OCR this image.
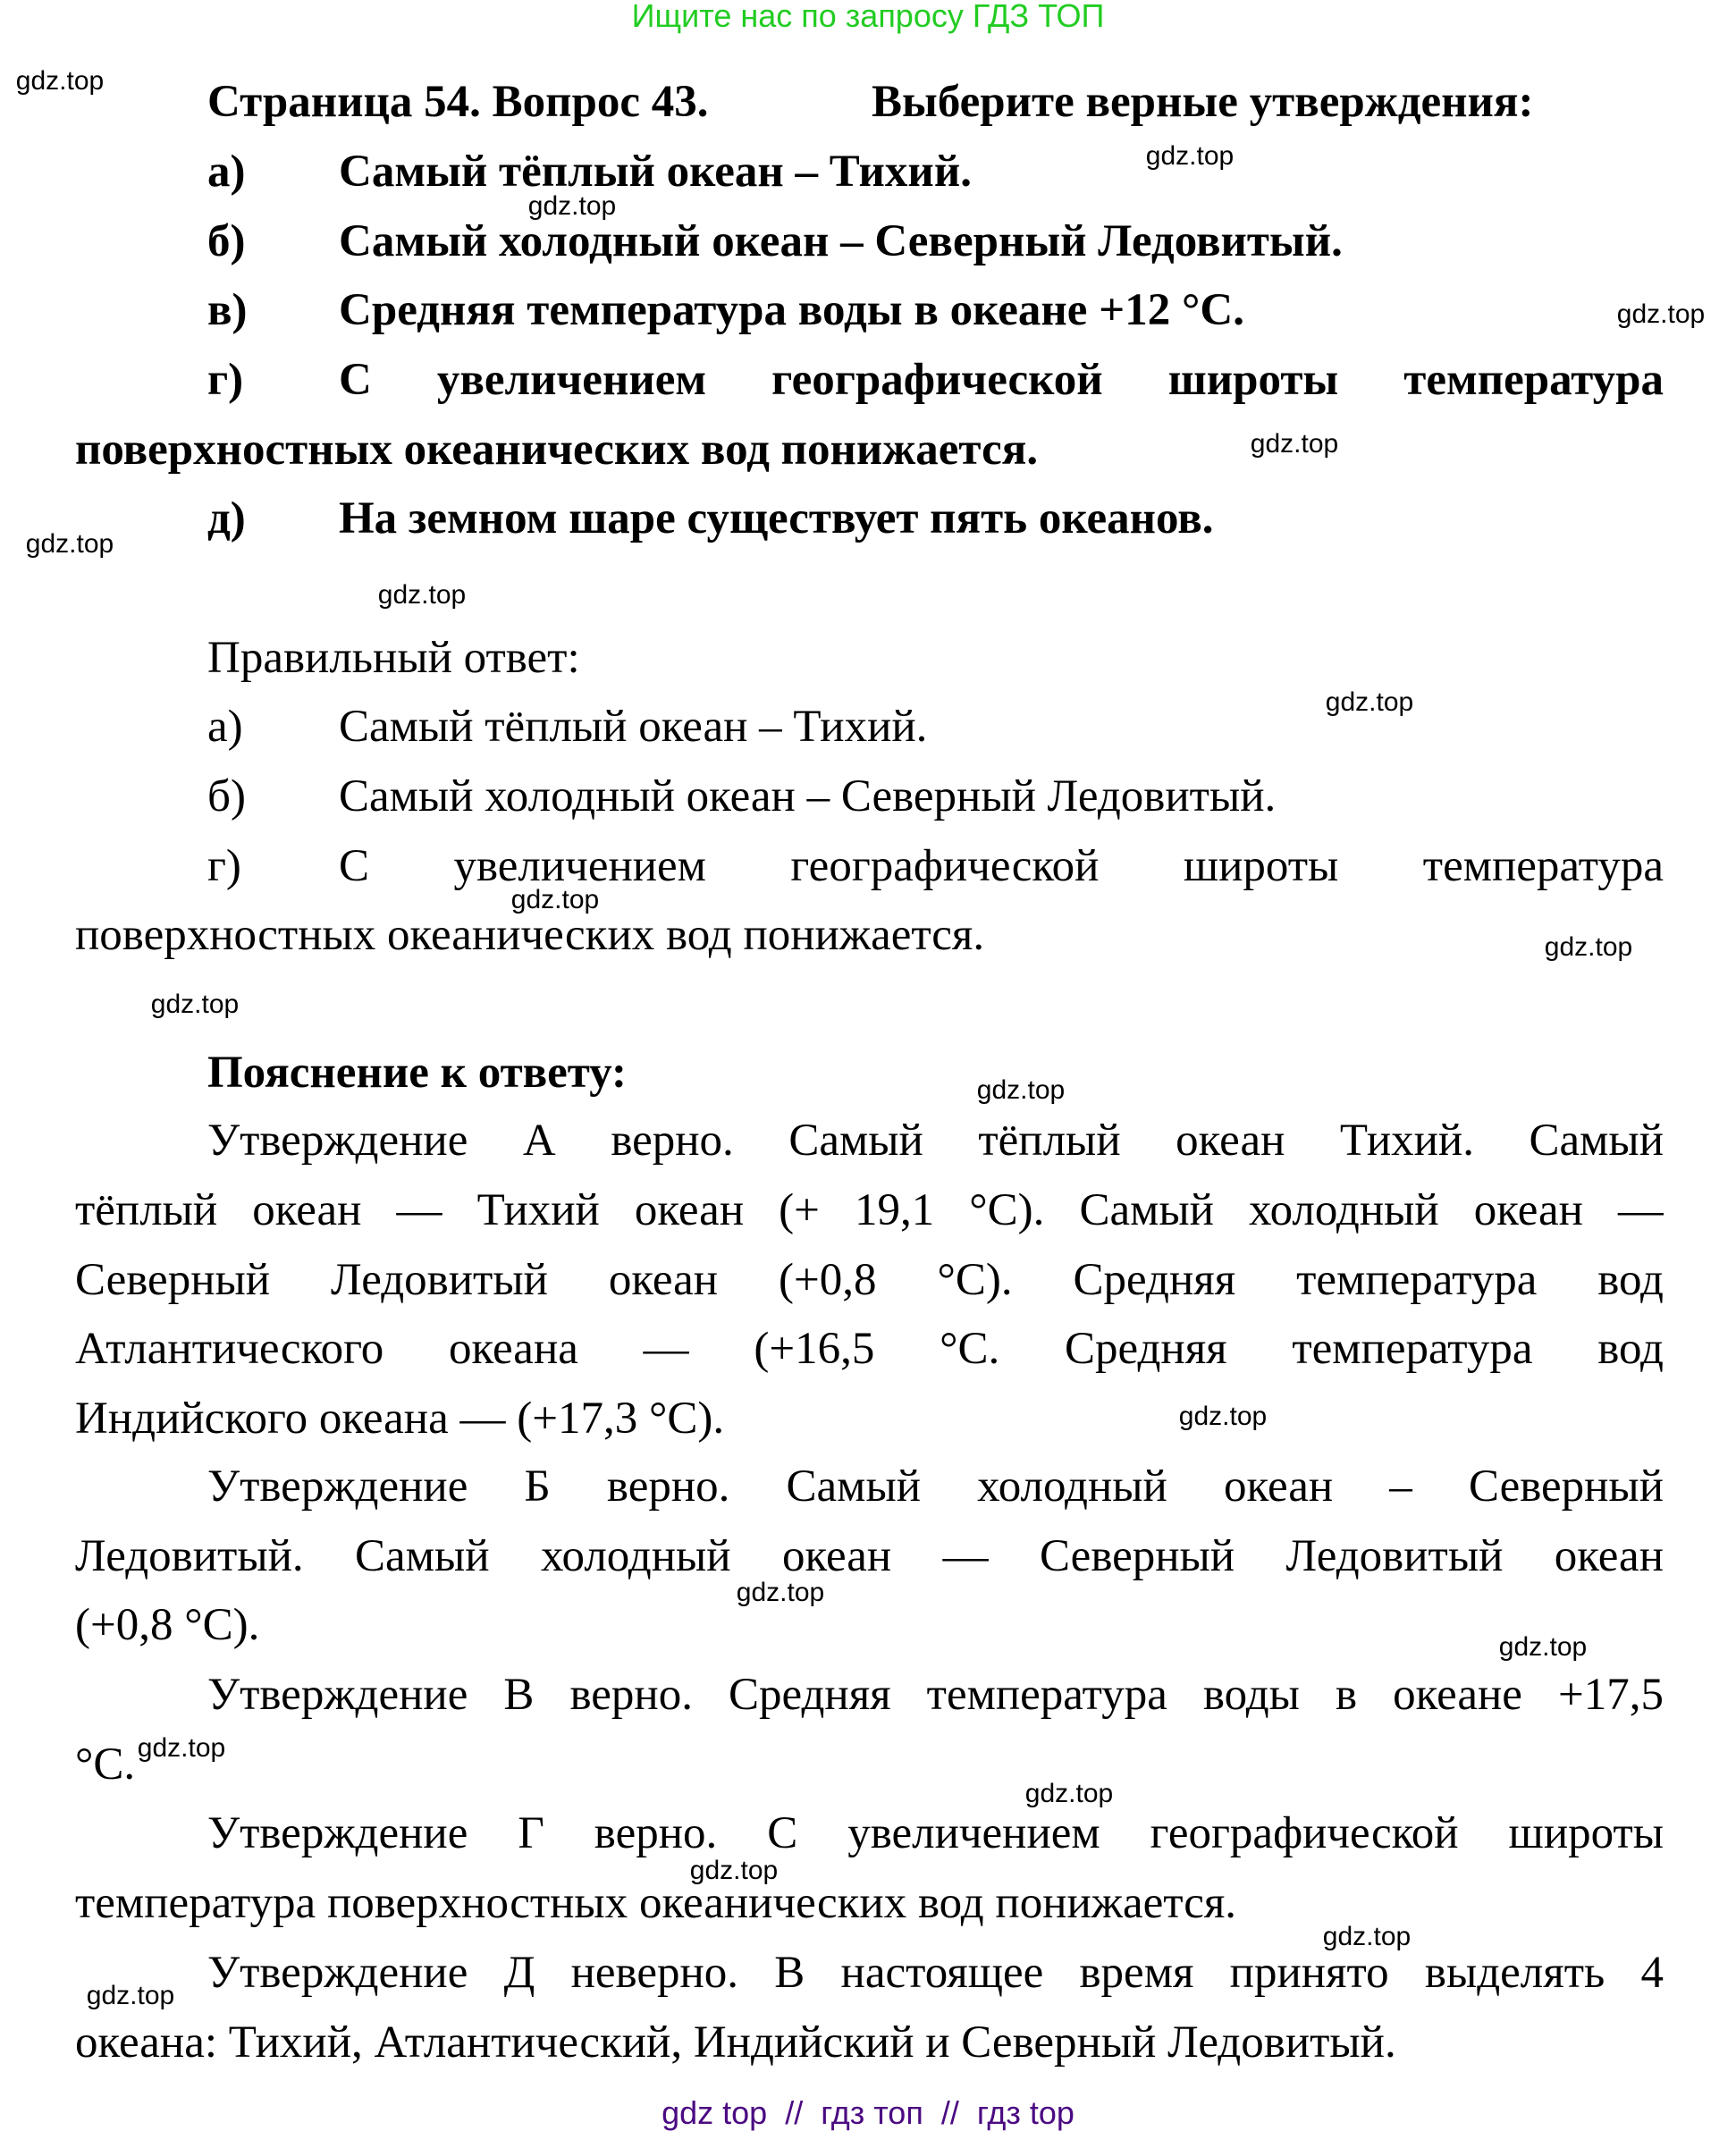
Ищите нас по запросу ГДЗ ТОП
Страница 54. Вопрос 43.	Выберите верные утверждения:
а) Самый тёплый океан – Тихий.
б) Самый холодный океан – Северный Ледовитый.
в) Средняя температура воды в океане +12 °С.
г) С увеличением географической широты температура
поверхностных океанических вод понижается.
д) На земном шаре существует пять океанов.
Правильный ответ:
а) Самый тёплый океан – Тихий.
б) Самый холодный океан – Северный Ледовитый.
г) С увеличением географической широты температура
поверхностных океанических вод понижается.
Пояснение к ответу:
Утверждение А верно. Самый тёплый океан Тихий. Самый
тёплый океан — Тихий океан (+ 19,1 °С). Самый холодный океан —
Северный Ледовитый океан (+0,8 °С). Средняя температура вод
Атлантического океана — (+16,5 °С. Средняя температура вод
Индийского океана — (+17,3 °С).
Утверждение Б верно. Самый холодный океан – Северный
Ледовитый. Самый холодный океан — Северный Ледовитый океан
(+0,8 °С).
Утверждение В верно. Средняя температура воды в океане +17,5
°С.
Утверждение Г верно. С увеличением географической широты
температура поверхностных океанических вод понижается.
Утверждение Д неверно. В настоящее время принято выделять 4
океана: Тихий, Атлантический, Индийский и Северный Ледовитый.
gdz.top
gdz.top
gdz.top
gdz.top
gdz.top
gdz.top
gdz.top
gdz.top
gdz.top
gdz.top
gdz.top
gdz.top
gdz.top
gdz.top
gdz.top
gdz.top
gdz.top
gdz.top
gdz.top
gdz.top
gdz top  //  гдз топ  //  гдз top
